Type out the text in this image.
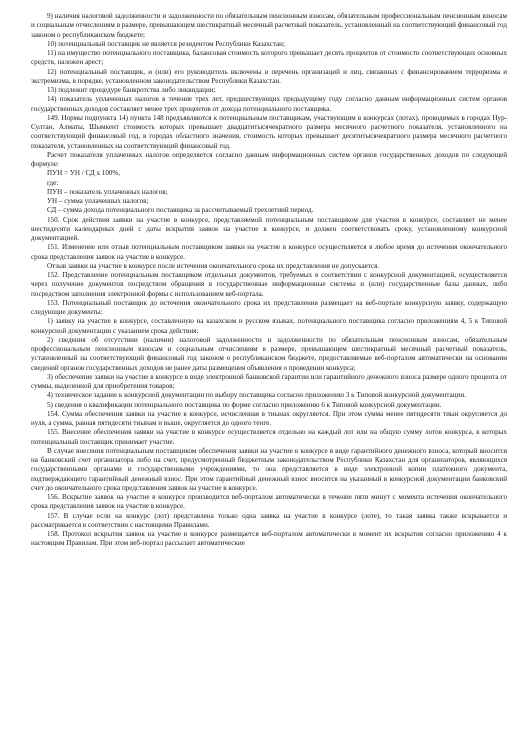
9) наличия налоговой задолженности и задолженности по обязательным пенсионным взносам, обязательным профессиональным пенсионным взносам и социальным отчислениям в размере, превышающем шестикратный месячный расчетный показатель, установленный на соответствующий финансовый год законом о республиканском бюджете;

10) потенциальный поставщик не является резидентом Республики Казахстан;

11) на имущество потенциального поставщика, балансовая стоимость которого превышает десять процентов от стоимости соответствующих основных средств, наложен арест;

12) потенциальный поставщик, и (или) его руководитель включены в перечень организаций и лиц, связанных с финансированием терроризма и экстремизма, в порядке, установленном законодательством Республики Казахстан.

13) подлежит процедуре банкротства либо ликвидации;

14) показатель уплаченных налогов в течение трех лет, предшествующих предыдущему году согласно данным информационных систем органов государственных доходов составляет менее трех процентов от дохода потенциального поставщика.

149. Нормы подпункта 14) пункта 148 предъявляются к потенциальным поставщикам, участвующим в конкурсах (лотах), проводимых в городах Нур-Султан, Алматы, Шымкент стоимость которых превышает двадцатитысячекратного размера месячного расчетного показателя, установленного на соответствующий финансовый год, в городах областного значения, стоимость которых превышает десятитысячекратного размера месячного расчетного показателя, установленных на соответствующий финансовый год.

Расчет показателя уплаченных налогов определяется согласно данным информационных систем органов государственных доходов по следующей формуле:

ПУН = УН / СД х 100%,

где:

ПУН – показатель уплаченных налогов;

УН – сумма уплаченных налогов;

СД – сумма дохода потенциального поставщика за рассчитываемый трехлетний период.

150. Срок действия заявки на участие в конкурсе, представляемой потенциальным поставщиком для участия в конкурсе, составляет не менее шестидесяти календарных дней с даты вскрытия заявок на участие в конкурсе, и должен соответствовать сроку, установленному конкурсной документацией.

151. Изменение или отзыв потенциальным поставщиком заявки на участие в конкурсе осуществляется в любое время до истечения окончательного срока представления заявок на участие в конкурсе.

Отзыв заявки на участие в конкурсе после истечения окончательного срока их представления не допускается.

152. Представление потенциальным поставщиком отдельных документов, требуемых в соответствии с конкурсной документацией, осуществляется через получение документов посредством обращения в государственные информационные системы и (или) государственные базы данных, либо посредством заполнения электронной формы с использованием веб-портала.

153. Потенциальный поставщик до истечения окончательного срока их представления размещает на веб-портале конкурсную заявку, содержащую следующие документы:

1) заявку на участие в конкурсе, составленную на казахском и русском языках, потенциального поставщика согласно приложениям 4, 5 к Типовой конкурсной документации с указанием срока действия;

2) сведения об отсутствии (наличии) налоговой задолженности и задолженности по обязательным пенсионным взносам, обязательным профессиональным пенсионным взносам и социальным отчислениям в размере, превышающем шестикратный месячный расчетный показатель, установленный на соответствующий финансовый год законом о республиканском бюджете, предоставляемые веб-порталом автоматически на основании сведений органов государственных доходов не ранее даты размещения объявления о проведении конкурса;

3) обеспечение заявки на участие в конкурсе в виде электронной банковской гарантии или гарантийного денежного взноса размере одного процента от суммы, выделенной для приобретения товаров;

4) техническое задание к конкурсной документации по выбору поставщика согласно приложению 3 к Типовой конкурсной документации.

5) сведения о квалификации потенциального поставщика по форме согласно приложению 6 к Типовой конкурсной документации.

154. Сумма обеспечения заявки на участие в конкурсе, исчисленная в тиынах округляется. При этом сумма менее пятидесяти тиын округляется до нуля, а сумма, равная пятидесяти тиынам и выше, округляется до одного тенге.

155. Внесение обеспечения заявки на участие в конкурсе осуществляется отдельно на каждый лот или на общую сумму лотов конкурса, в которых потенциальный поставщик принимает участие.

В случае внесения потенциальным поставщиком обеспечения заявки на участие в конкурсе в виде гарантийного денежного взноса, который вносится на банковский счет организатора либо на счет, предусмотренный бюджетным законодательством Республики Казахстан для организаторов, являющихся государственными органами и государственными учреждениями, то она представляется в виде электронной копии платежного документа, подтверждающего гарантийный денежный взнос. При этом гарантийный денежный взнос вносится на указанный в конкурсной документации банковский счет до окончательного срока представления заявок на участие в конкурсе.

156. Вскрытие заявок на участие в конкурсе производится веб-порталом автоматически в течение пяти минут с момента истечения окончательного срока представления заявок на участие в конкурсе.

157. В случае если на конкурс (лот) представлена только одна заявка на участие в конкурсе (лоте), то такая заявка также вскрывается и рассматривается в соответствии с настоящими Правилами.

158. Протокол вскрытия заявок на участие в конкурсе размещается веб-порталом автоматически в момент их вскрытия согласно приложению 4 к настоящим Правилам. При этом веб-портал рассылает автоматические
